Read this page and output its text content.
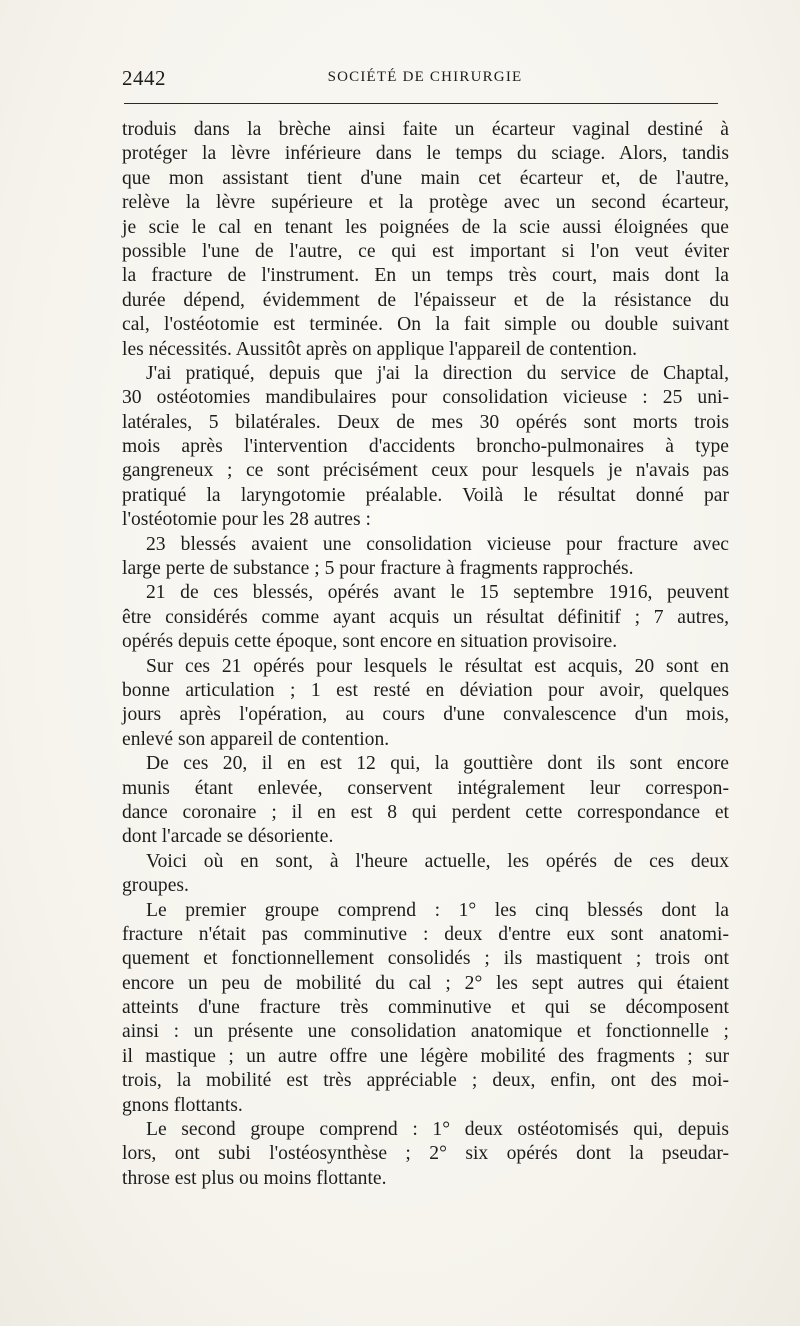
2442	SOCIÉTÉ DE CHIRURGIE
troduis dans la brèche ainsi faite un écarteur vaginal destiné à
protéger la lèvre inférieure dans le temps du sciage. Alors, tandis
que mon assistant tient d'une main cet écarteur et, de l'autre,
relève la lèvre supérieure et la protège avec un second écarteur,
je scie le cal en tenant les poignées de la scie aussi éloignées que
possible l'une de l'autre, ce qui est important si l'on veut éviter
la fracture de l'instrument. En un temps très court, mais dont la
durée dépend, évidemment de l'épaisseur et de la résistance du
cal, l'ostéotomie est terminée. On la fait simple ou double suivant
les nécessités. Aussitôt après on applique l'appareil de contention.
J'ai pratiqué, depuis que j'ai la direction du service de Chaptal,
30 ostéotomies mandibulaires pour consolidation vicieuse : 25 uni-
latérales, 5 bilatérales. Deux de mes 30 opérés sont morts trois
mois après l'intervention d'accidents broncho-pulmonaires à type
gangreneux ; ce sont précisément ceux pour lesquels je n'avais pas
pratiqué la laryngotomie préalable. Voilà le résultat donné par
l'ostéotomie pour les 28 autres :
23 blessés avaient une consolidation vicieuse pour fracture avec
large perte de substance ; 5 pour fracture à fragments rapprochés.
21 de ces blessés, opérés avant le 15 septembre 1916, peuvent
être considérés comme ayant acquis un résultat définitif ; 7 autres,
opérés depuis cette époque, sont encore en situation provisoire.
Sur ces 21 opérés pour lesquels le résultat est acquis, 20 sont en
bonne articulation ; 1 est resté en déviation pour avoir, quelques
jours après l'opération, au cours d'une convalescence d'un mois,
enlevé son appareil de contention.
De ces 20, il en est 12 qui, la gouttière dont ils sont encore
munis étant enlevée, conservent intégralement leur correspon-
dance coronaire ; il en est 8 qui perdent cette correspondance et
dont l'arcade se désoriente.
Voici où en sont, à l'heure actuelle, les opérés de ces deux
groupes.
Le premier groupe comprend : 1° les cinq blessés dont la
fracture n'était pas comminutive : deux d'entre eux sont anatomi-
quement et fonctionnellement consolidés ; ils mastiquent ; trois ont
encore un peu de mobilité du cal ; 2° les sept autres qui étaient
atteints d'une fracture très comminutive et qui se décomposent
ainsi : un présente une consolidation anatomique et fonctionnelle ;
il mastique ; un autre offre une légère mobilité des fragments ; sur
trois, la mobilité est très appréciable ; deux, enfin, ont des moi-
gnons flottants.
Le second groupe comprend : 1° deux ostéotomisés qui, depuis
lors, ont subi l'ostéosynthèse ; 2° six opérés dont la pseudar-
throse est plus ou moins flottante.
